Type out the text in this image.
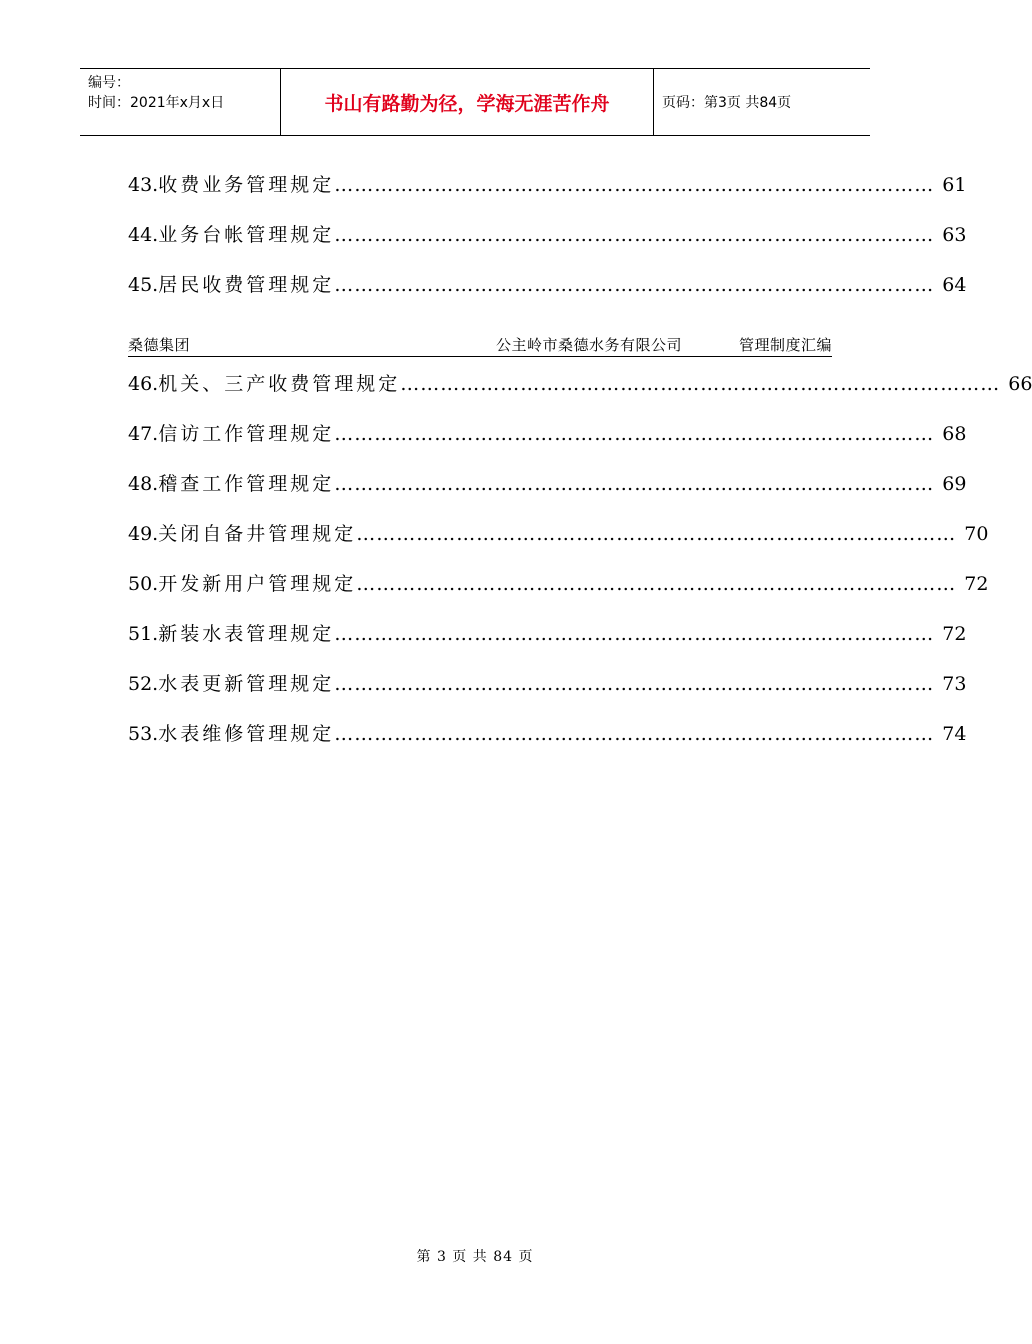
编号：
时间：2021年x月x日	书山有路勤为径，学海无涯苦作舟	页码：第3页 共84页
43. 收费业务管理规定 ……………………………………………………………………………… 61
44. 业务台帐管理规定 ……………………………………………………………………………… 63
45. 居民收费管理规定 ……………………………………………………………………………… 64
桑德集团	公主岭市桑德水务有限公司	管理制度汇编
46. 机关、三产收费管理规定 ……………………………………………………………………………… 66
47. 信访工作管理规定 ……………………………………………………………………………… 68
48. 稽查工作管理规定 ……………………………………………………………………………… 69
49. 关闭自备井管理规定 ……………………………………………………………………………… 70
50. 开发新用户管理规定 ……………………………………………………………………………… 72
51. 新装水表管理规定 ……………………………………………………………………………… 72
52. 水表更新管理规定 ……………………………………………………………………………… 73
53. 水表维修管理规定 ……………………………………………………………………………… 74
第 3 页 共 84 页
